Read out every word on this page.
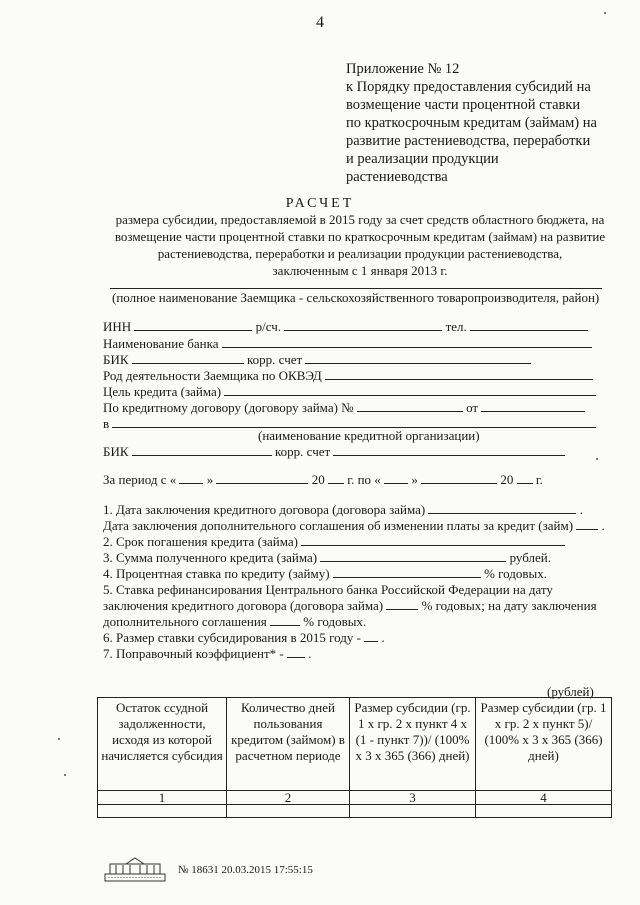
4
Приложение № 12
к Порядку предоставления субсидий на
возмещение части процентной ставки
по краткосрочным кредитам (займам) на
развитие растениеводства, переработки
и реализации продукции
растениеводства
РАСЧЕТ
размера субсидии, предоставляемой в 2015 году за счет средств областного бюджета, на
возмещение части процентной ставки по краткосрочным кредитам (займам) на развитие
растениеводства, переработки и реализации продукции растениеводства,
заключенным с 1 января 2013 г.
(полное наименование Заемщика - сельскохозяйственного товаропроизводителя, район)
ИНН	р/сч.	тел.
Наименование банка
БИК	корр. счет
Род деятельности Заемщика по ОКВЭД
Цель кредита (займа)
По кредитному договору (договору займа) №	от
в
(наименование кредитной организации)
БИК	корр. счет
За период с « »	20 г. по « »	20 г.
1. Дата заключения кредитного договора (договора займа)	.
Дата заключения дополнительного соглашения об изменении платы за кредит (займ) .
2. Срок погашения кредита (займа)
3. Сумма полученного кредита (займа)	рублей.
4. Процентная ставка по кредиту (займу)	% годовых.
5. Ставка рефинансирования Центрального банка Российской Федерации на дату
заключения кредитного договора (договора займа)	% годовых; на дату заключения
дополнительного соглашения	% годовых.
6. Размер ставки субсидирования в 2015 году - .
7. Поправочный коэффициент* - .
(рублей)
Остаток ссудной задолженности, исходя из которой начисляется субсидия	Количество дней пользования кредитом (займом) в расчетном периоде	Размер субсидии (гр. 1 х гр. 2 х пункт 4 х (1 - пункт 7))/ (100% х 3 х 365 (366) дней)	Размер субсидии (гр. 1 х гр. 2 х пункт 5)/ (100% х 3 х 365 (366) дней)
1	2	3	4

№ 18631 20.03.2015 17:55:15
